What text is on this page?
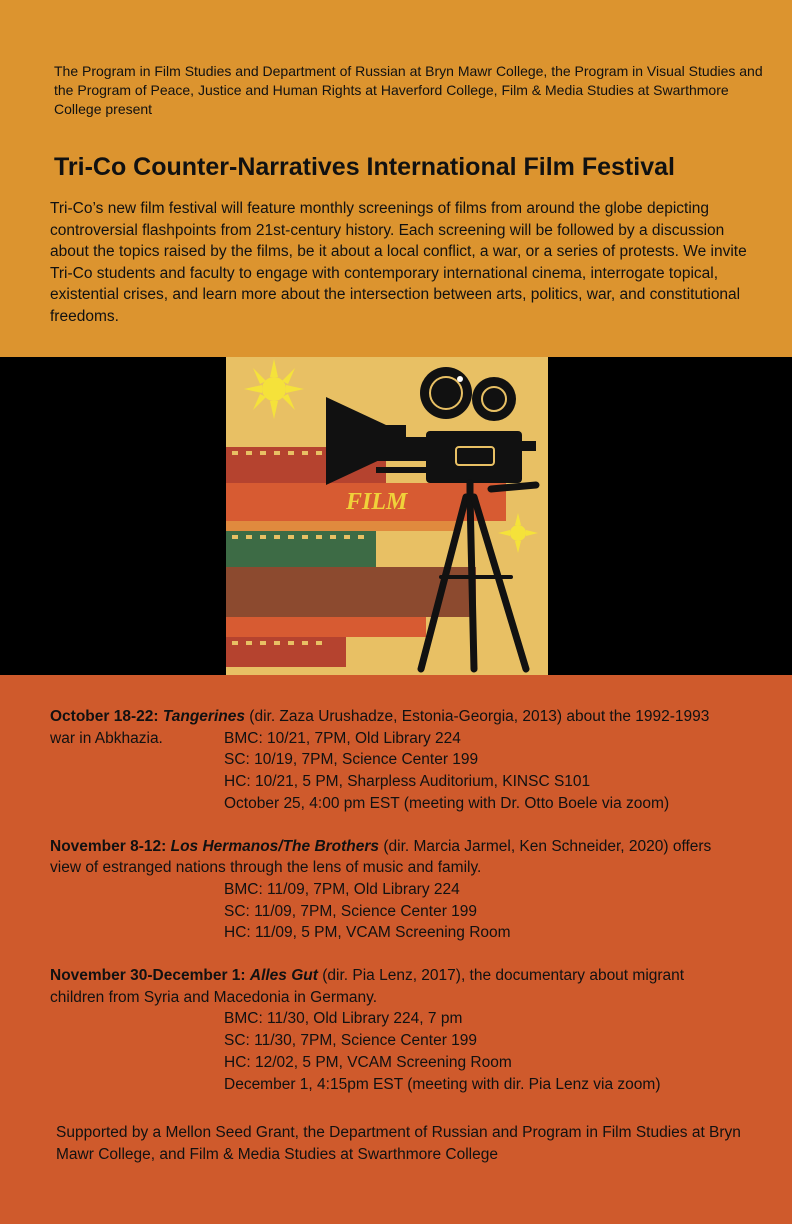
The Program in Film Studies and Department of Russian at Bryn Mawr College, the Program in Visual Studies and the Program of Peace, Justice and Human Rights at Haverford College, Film & Media Studies at Swarthmore College present
Tri-Co Counter-Narratives International Film Festival

Tri-Co’s new film festival will feature monthly screenings of films from around the globe depicting controversial flashpoints from 21st-century history. Each screening will be followed by a discussion about the topics raised by the films, be it about a local conflict, a war, or a series of protests. We invite Tri-Co students and faculty to engage with contemporary international cinema, interrogate topical, existential crises, and learn more about the intersection between arts, politics, war, and constitutional freedoms.

FILM
October 18-22: Tangerines (dir. Zaza Urushadze, Estonia-Georgia, 2013) about the 1992-1993
war in Abkhazia.	BMC: 10/21, 7PM, Old Library 224
SC: 10/19, 7PM, Science Center 199
HC: 10/21, 5 PM, Sharpless Auditorium, KINSC S101
October 25, 4:00 pm EST (meeting with Dr. Otto Boele via zoom)
November 8-12: Los Hermanos/The Brothers (dir. Marcia Jarmel, Ken Schneider, 2020) offers
view of estranged nations through the lens of music and family.
BMC: 11/09, 7PM, Old Library 224
SC: 11/09, 7PM, Science Center 199
HC: 11/09, 5 PM, VCAM Screening Room
November 30-December 1: Alles Gut (dir. Pia Lenz, 2017), the documentary about migrant
children from Syria and Macedonia in Germany.
BMC: 11/30, Old Library 224, 7 pm
SC: 11/30, 7PM, Science Center 199
HC: 12/02, 5 PM, VCAM Screening Room
December 1, 4:15pm EST (meeting with dir. Pia Lenz via zoom)
Supported by a Mellon Seed Grant, the Department of Russian and Program in Film Studies at Bryn Mawr College, and Film & Media Studies at Swarthmore College
